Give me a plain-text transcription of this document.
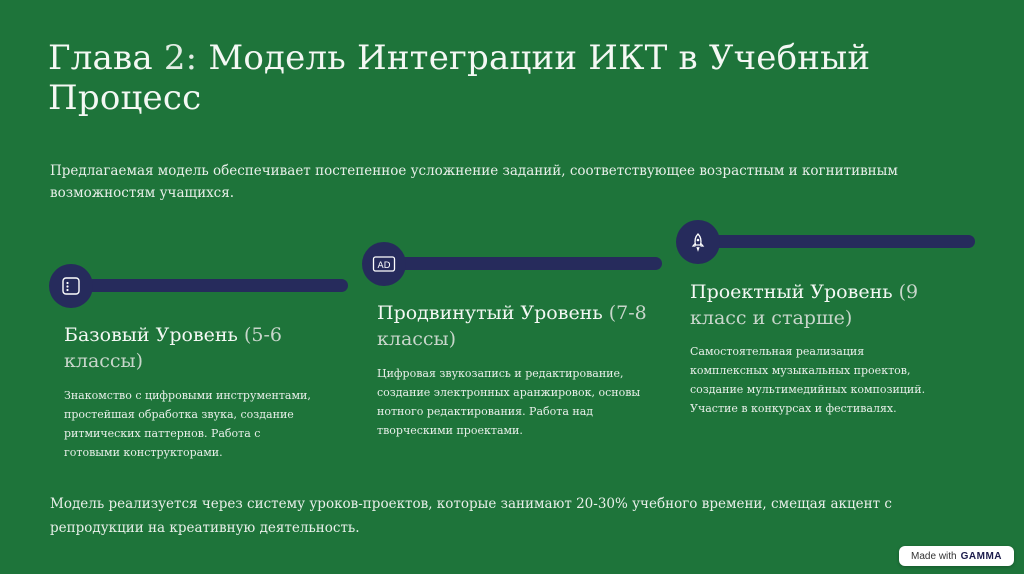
Глава 2: Модель Интеграции ИКТ в Учебный Процесс

Предлагаемая модель обеспечивает постепенное усложнение заданий, соответствующее возрастным и когнитивным возможностям учащихся.

Базовый Уровень (5-6
классы)

Знакомство с цифровыми инструментами, простейшая обработка звука, создание ритмических паттернов. Работа с готовыми конструкторами.

AD
Продвинутый Уровень (7-8
классы)

Цифровая звукозапись и редактирование, создание электронных аранжировок, основы нотного редактирования. Работа над творческими проектами.

Проектный Уровень (9
класс и старше)

Самостоятельная реализация комплексных музыкальных проектов, создание мультимедийных композиций. Участие в конкурсах и фестивалях.

Модель реализуется через систему уроков-проектов, которые занимают 20-30% учебного времени, смещая акцент с репродукции на креативную деятельность.

Made with GAMMA
